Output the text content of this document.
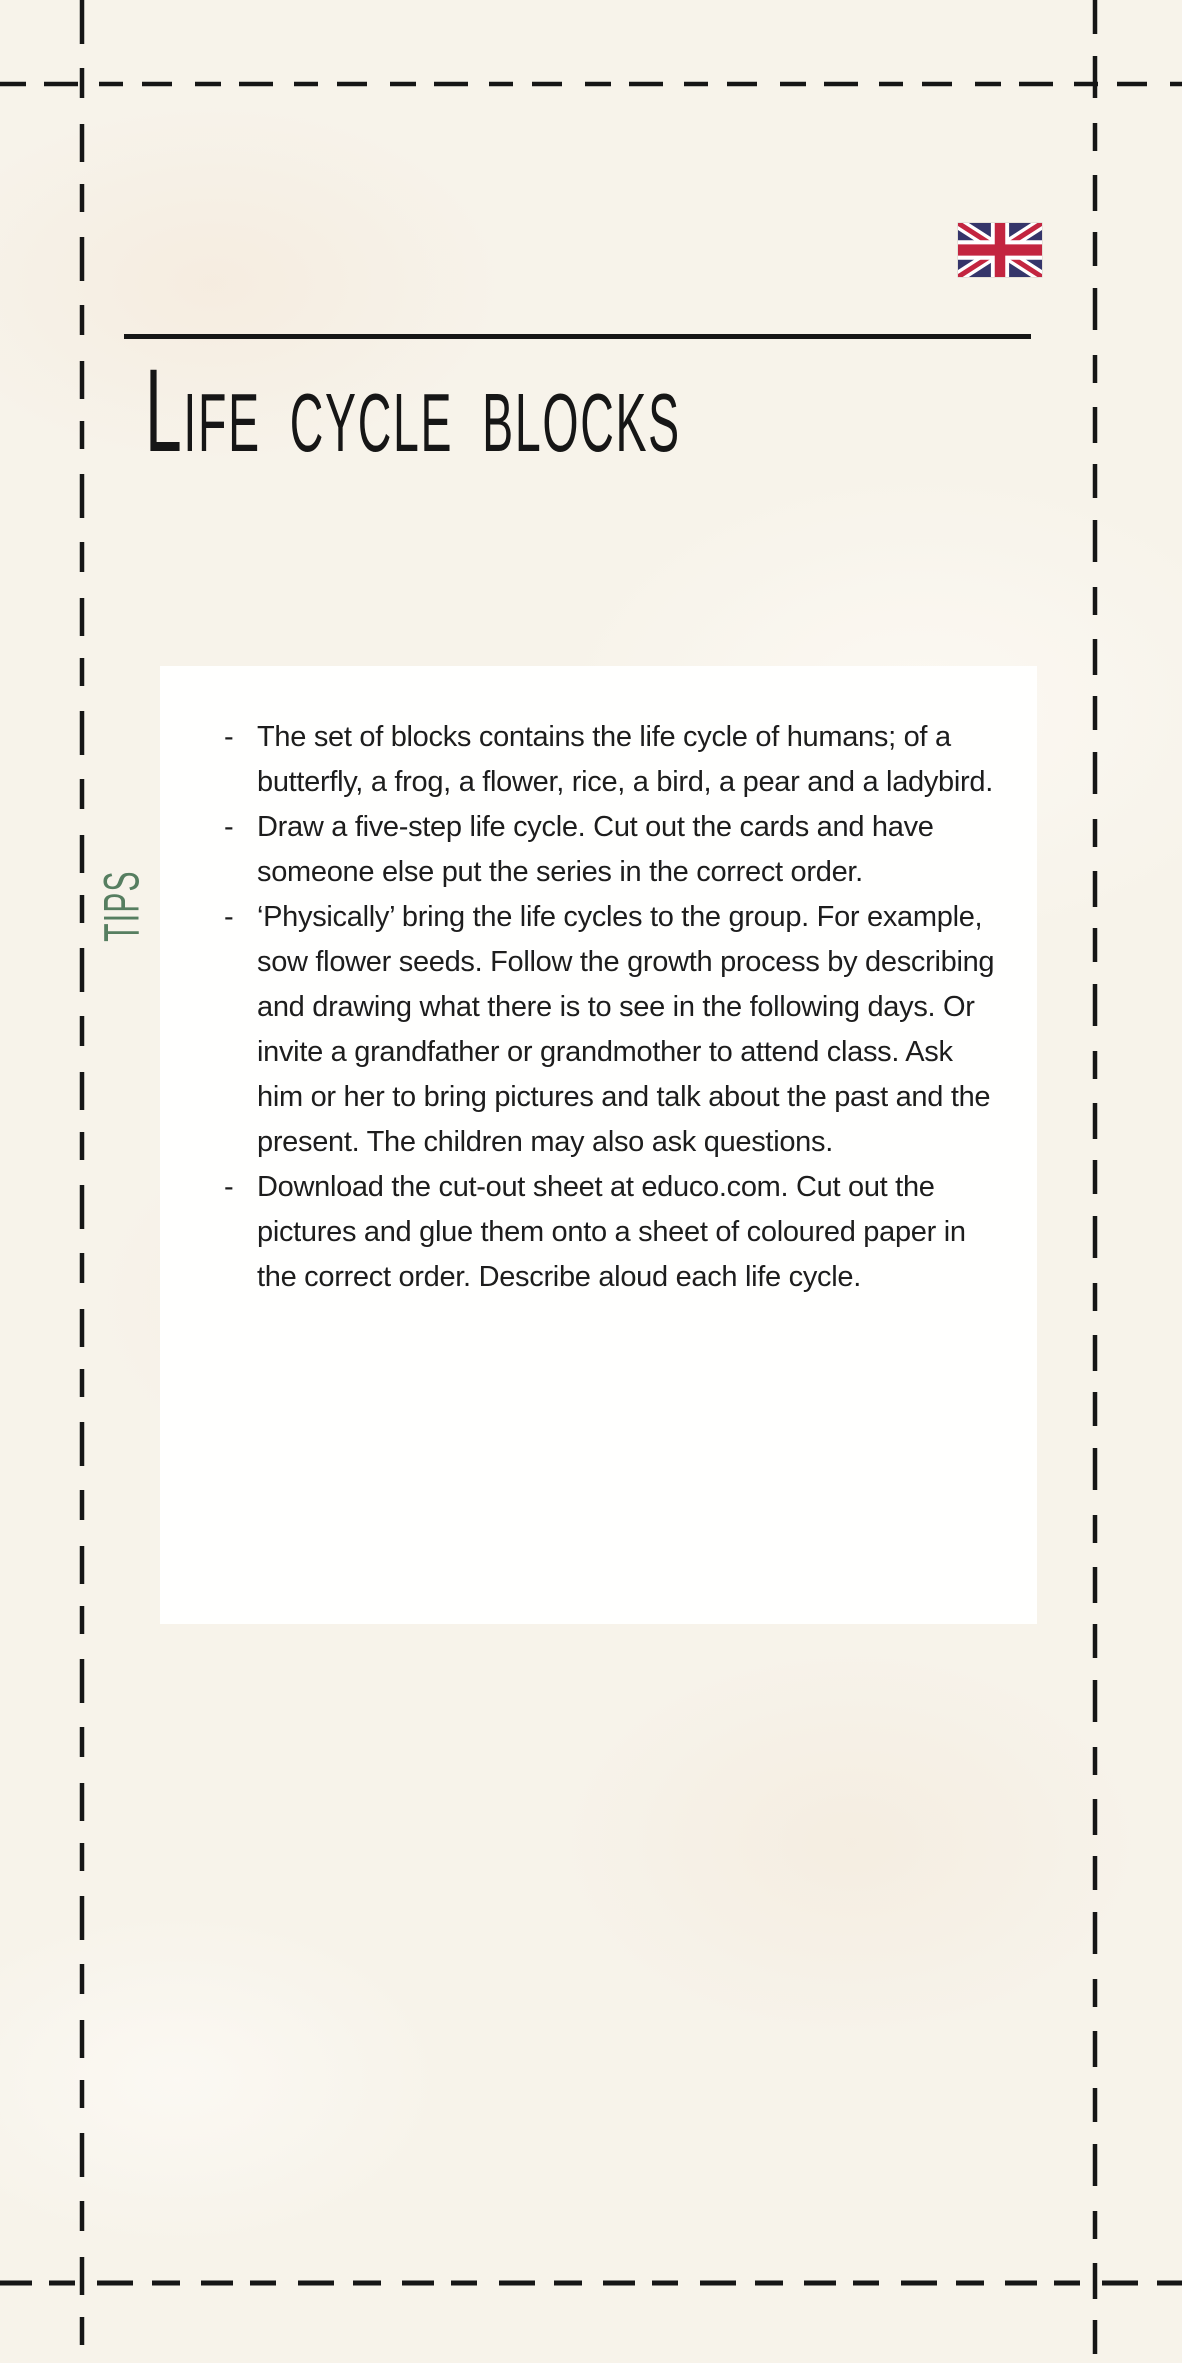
Life cycle blocks
TIPS
- The set of blocks contains the life cycle of humans; of a butterfly, a frog, a flower, rice, a bird, a pear and a ladybird.
- Draw a five-step life cycle. Cut out the cards and have someone else put the series in the correct order.
- ‘Physically’ bring the life cycles to the group. For example, sow flower seeds. Follow the growth process by describing and drawing what there is to see in the following days. Or invite a grandfather or grandmother to attend class. Ask him or her to bring pictures and talk about the past and the present. The children may also ask questions.
- Download the cut-out sheet at educo.com. Cut out the pictures and glue them onto a sheet of coloured paper in the correct order. Describe aloud each life cycle.
